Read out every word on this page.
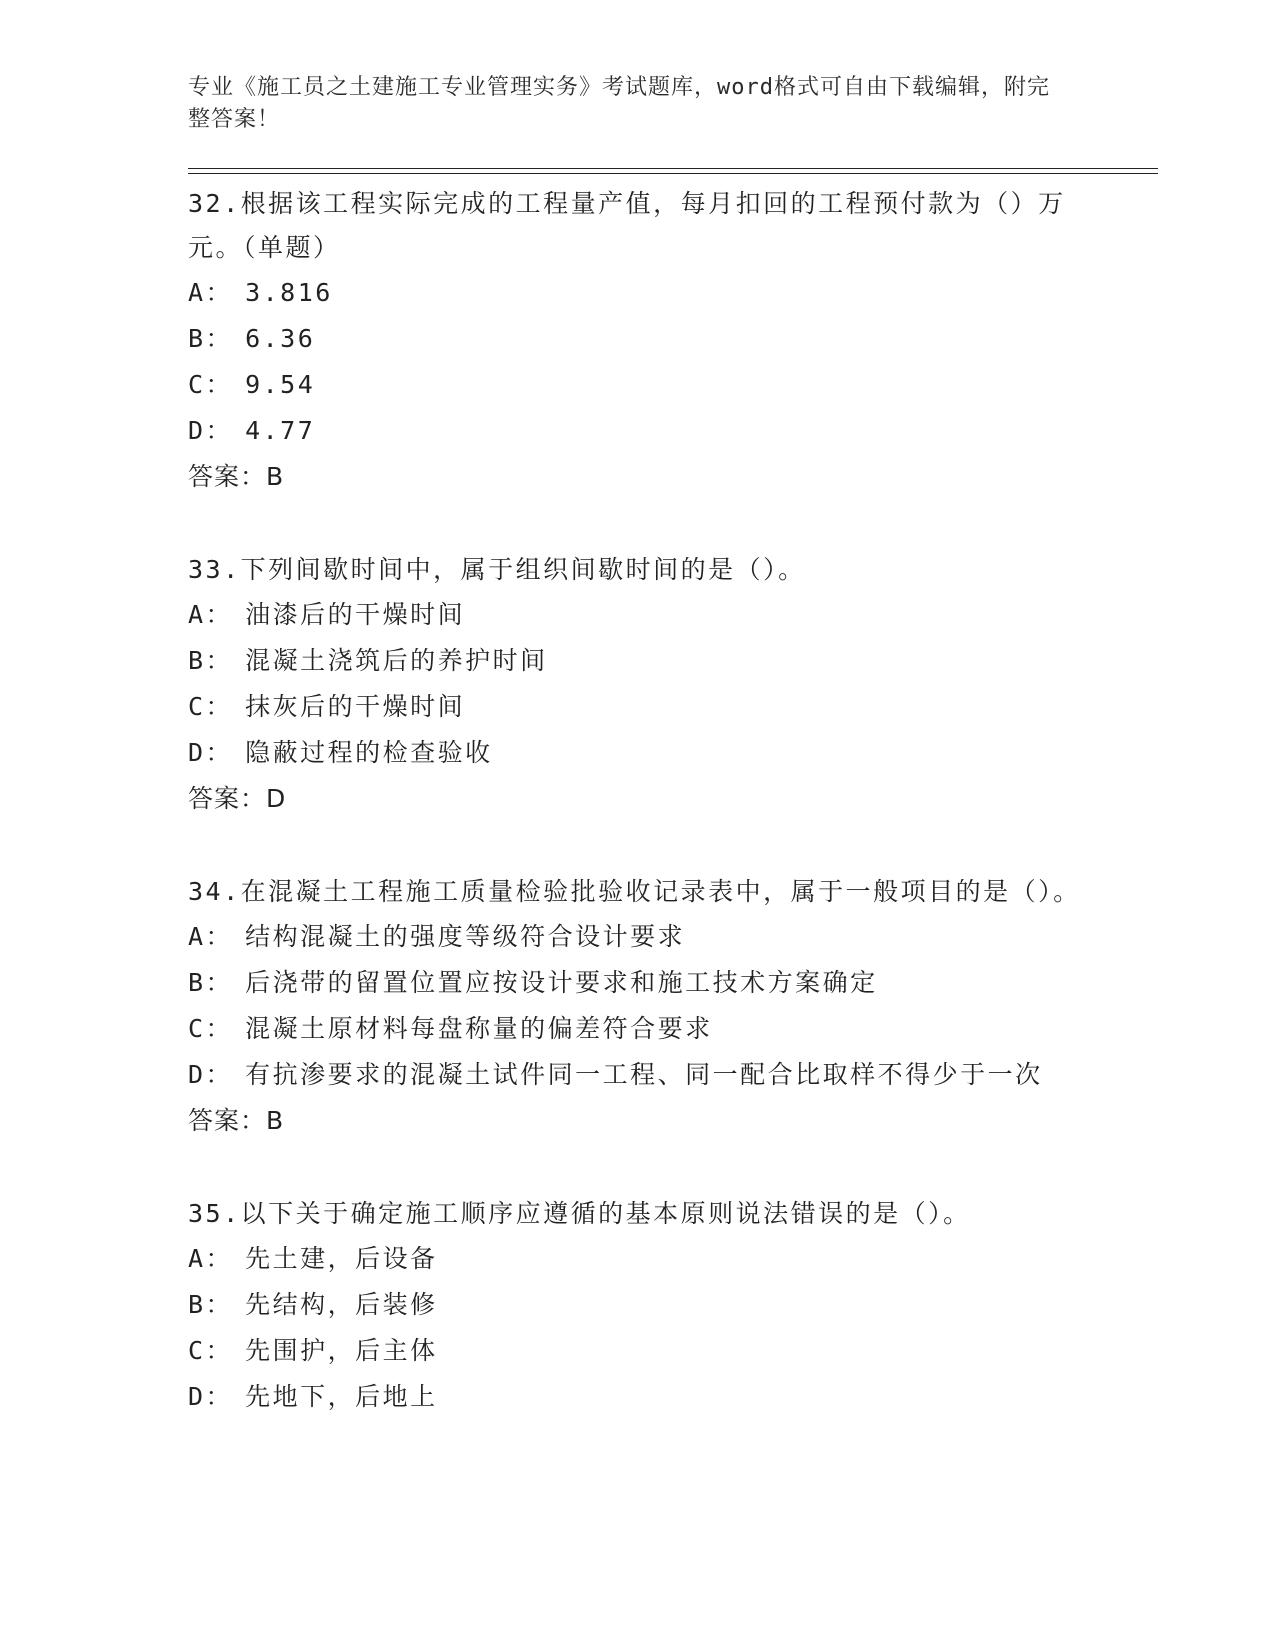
专业《施工员之土建施工专业管理实务》考试题库，word格式可自由下载编辑，附完整答案！
32.根据该工程实际完成的工程量产值，每月扣回的工程预付款为（）万元。（单题）
A： 3.816
B： 6.36
C： 9.54
D： 4.77
答案：B
33.下列间歇时间中，属于组织间歇时间的是（）。
A： 油漆后的干燥时间
B： 混凝土浇筑后的养护时间
C： 抹灰后的干燥时间
D： 隐蔽过程的检查验收
答案：D
34.在混凝土工程施工质量检验批验收记录表中，属于一般项目的是（）。
A： 结构混凝土的强度等级符合设计要求
B： 后浇带的留置位置应按设计要求和施工技术方案确定
C： 混凝土原材料每盘称量的偏差符合要求
D： 有抗渗要求的混凝土试件同一工程、同一配合比取样不得少于一次
答案：B
35.以下关于确定施工顺序应遵循的基本原则说法错误的是（）。
A： 先土建，后设备
B： 先结构，后装修
C： 先围护，后主体
D： 先地下，后地上
